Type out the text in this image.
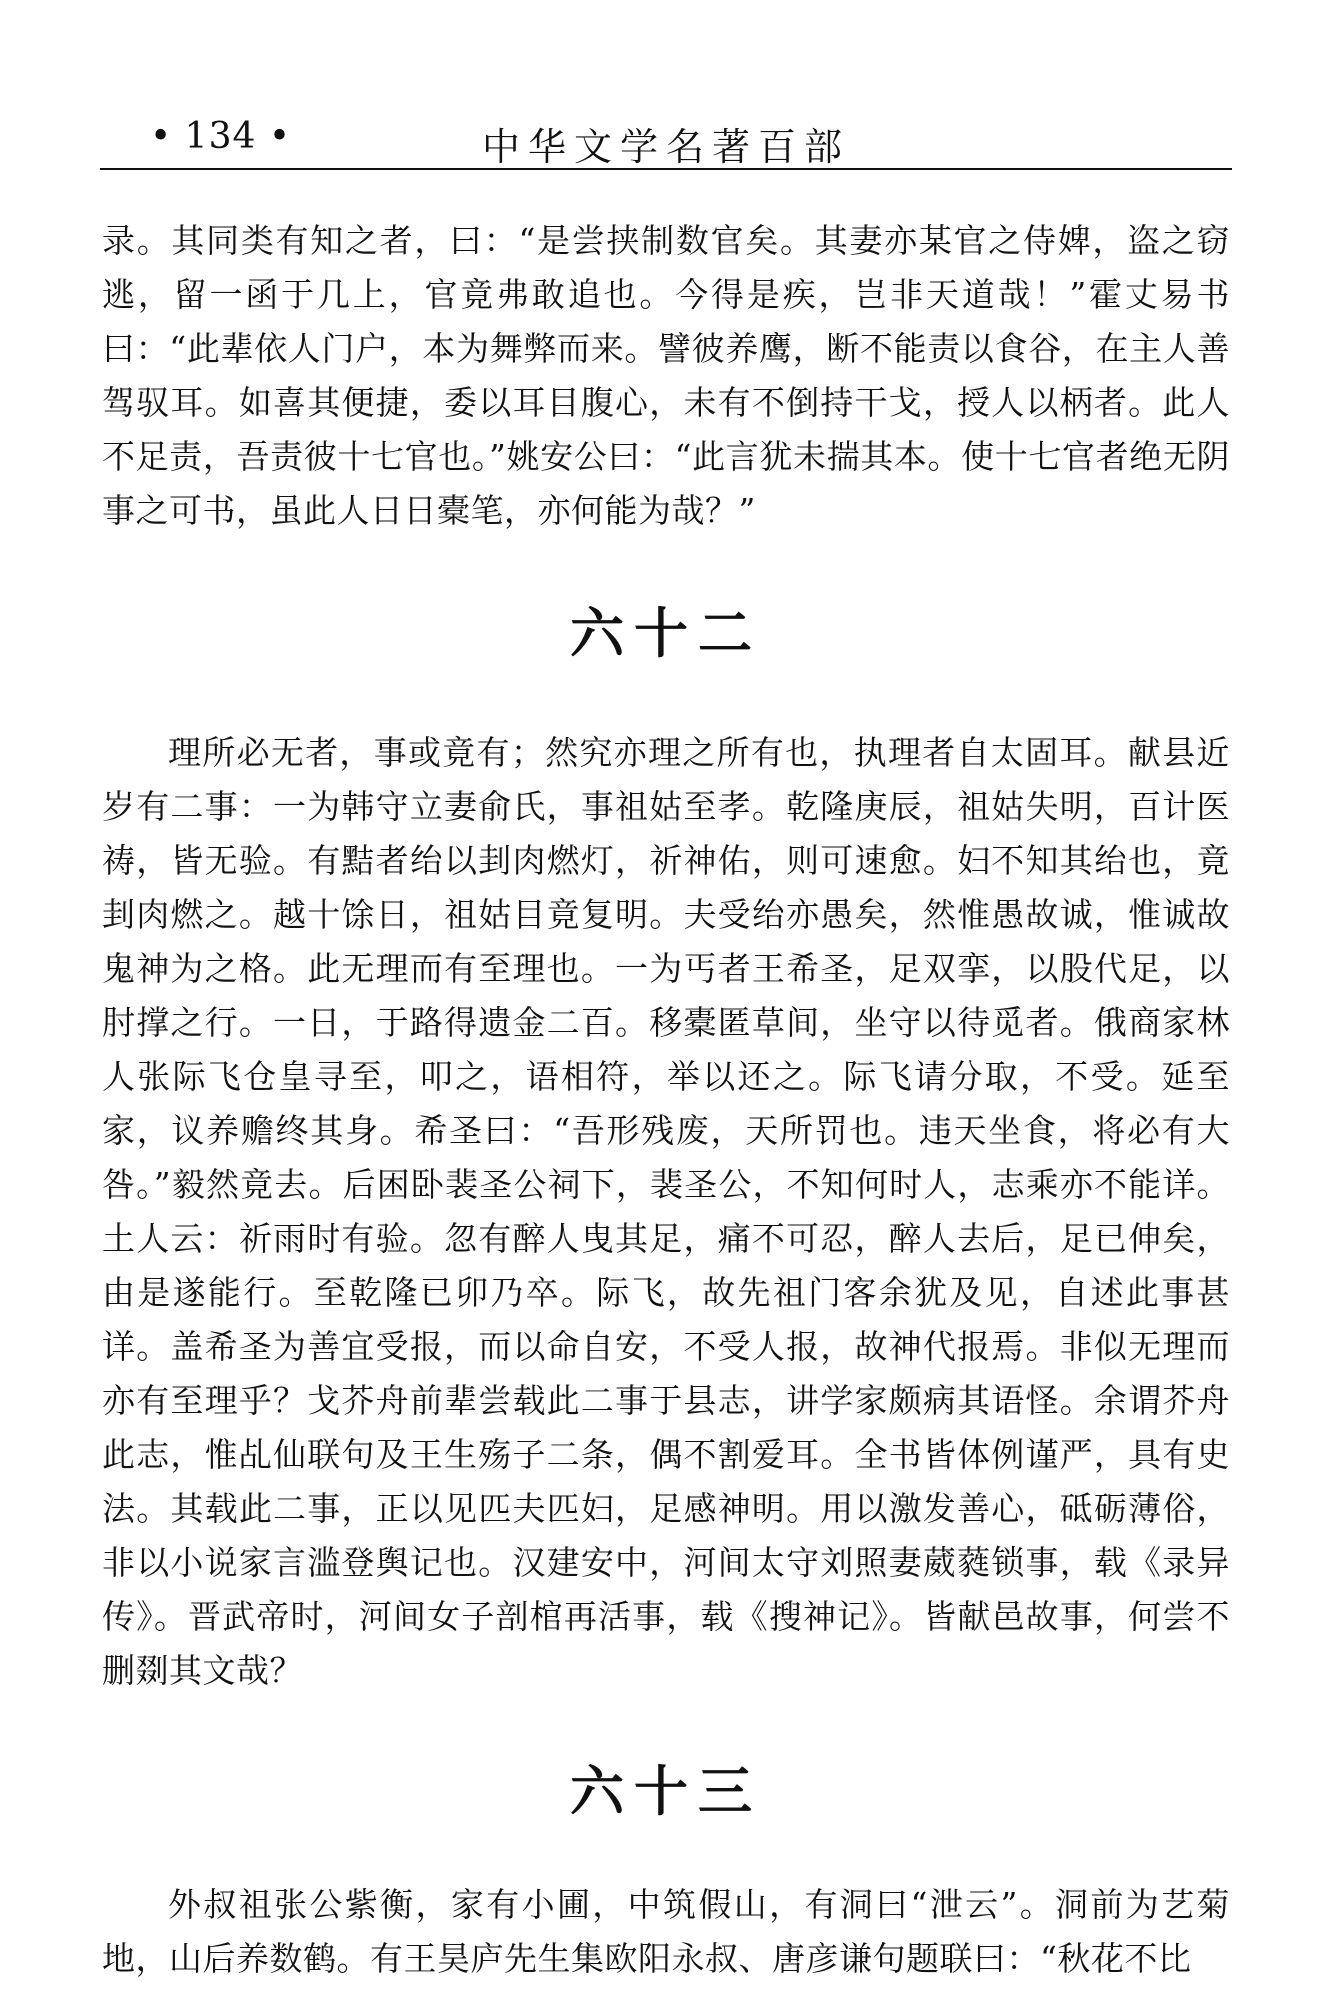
• 134 •	中华文学名著百部

录。其同类有知之者，曰：“是尝挟制数官矣。其妻亦某官之侍婢，盗之窃逃，留一函于几上，官竟弗敢追也。今得是疾，岂非天道哉！”霍丈易书曰：“此辈依人门户，本为舞弊而来。譬彼养鹰，断不能责以食谷，在主人善驾驭耳。如喜其便捷，委以耳目腹心，未有不倒持干戈，授人以柄者。此人不足责，吾责彼十七官也。”姚安公曰：“此言犹未揣其本。使十七官者绝无阴事之可书，虽此人日日橐笔，亦何能为哉？”

六十二

理所必无者，事或竟有；然究亦理之所有也，执理者自太固耳。献县近岁有二事：一为韩守立妻俞氏，事祖姑至孝。乾隆庚辰，祖姑失明，百计医祷，皆无验。有黠者绐以刲肉燃灯，祈神佑，则可速愈。妇不知其绐也，竟刲肉燃之。越十馀日，祖姑目竟复明。夫受绐亦愚矣，然惟愚故诚，惟诚故鬼神为之格。此无理而有至理也。一为丐者王希圣，足双挛，以股代足，以肘撑之行。一日，于路得遗金二百。移橐匿草间，坐守以待觅者。俄商家林人张际飞仓皇寻至，叩之，语相符，举以还之。际飞请分取，不受。延至家，议养赡终其身。希圣曰：“吾形残废，天所罚也。违天坐食，将必有大咎。”毅然竟去。后困卧裴圣公祠下，裴圣公，不知何时人，志乘亦不能详。土人云：祈雨时有验。忽有醉人曳其足，痛不可忍，醉人去后，足已伸矣，由是遂能行。至乾隆已卯乃卒。际飞，故先祖门客余犹及见，自述此事甚详。盖希圣为善宜受报，而以命自安，不受人报，故神代报焉。非似无理而亦有至理乎？戈芥舟前辈尝载此二事于县志，讲学家颇病其语怪。余谓芥舟此志，惟乩仙联句及王生殇子二条，偶不割爱耳。全书皆体例谨严，具有史法。其载此二事，正以见匹夫匹妇，足感神明。用以激发善心，砥砺薄俗，非以小说家言滥登舆记也。汉建安中，河间太守刘照妻葳蕤锁事，载《录异传》。晋武帝时，河间女子剖棺再活事，载《搜神记》。皆献邑故事，何尝不删剟其文哉？

六十三

外叔祖张公紫衡，家有小圃，中筑假山，有洞曰“泄云”。洞前为艺菊地，山后养数鹤。有王昊庐先生集欧阳永叔、唐彦谦句题联曰：“秋花不比
